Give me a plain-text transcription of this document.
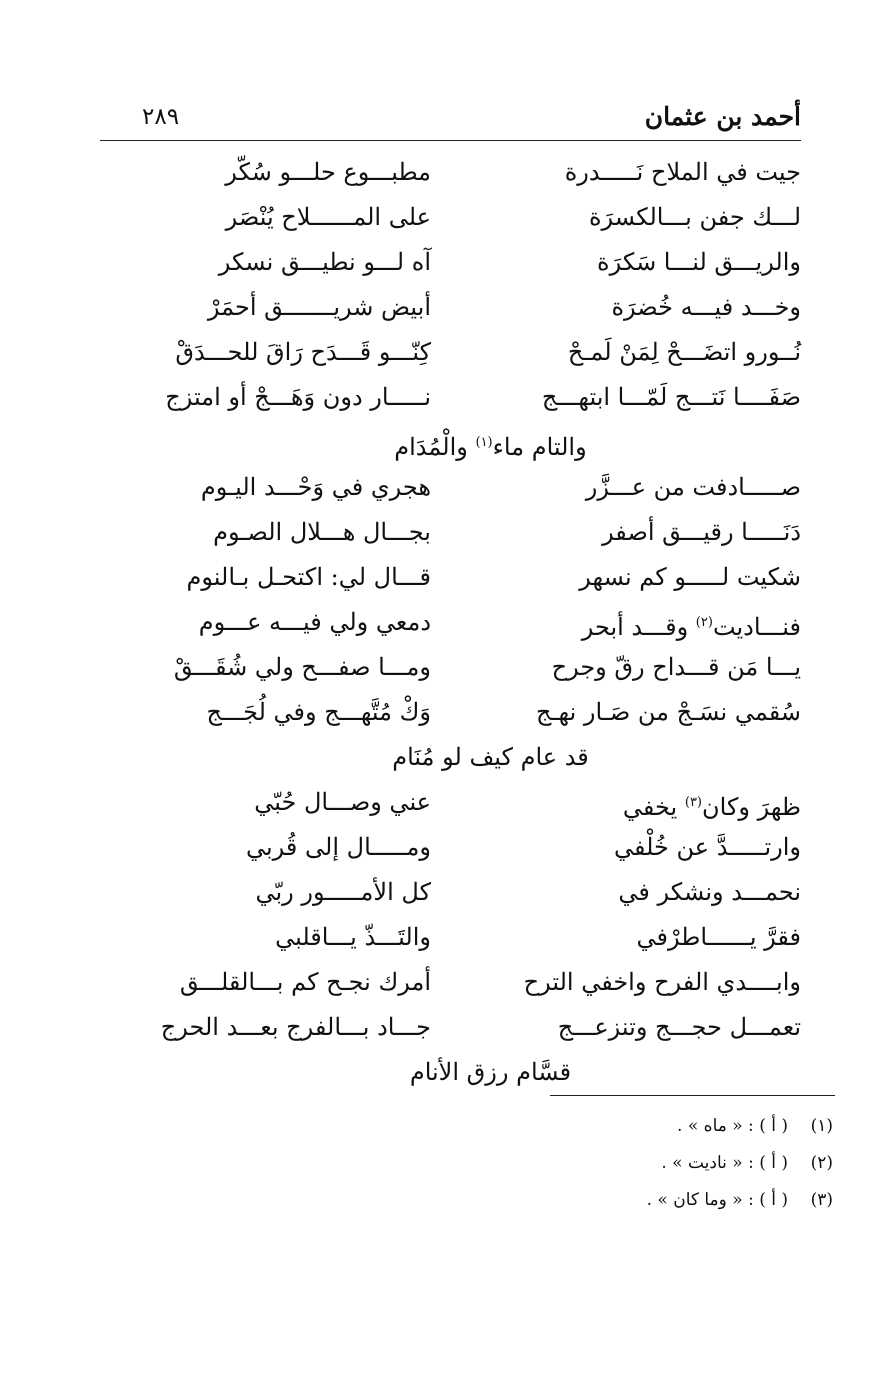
أحمد بن عثمان
٢٨٩
جيت في الملاح نَـــــدرة
مطبـــوع حلـــو سُكّر
لـــك جفن بـــالكسرَة
على المــــــلاح يُنْصَر
والريـــق لنـــا سَكرَة
آه لـــو نطيـــق نسكر
وخـــد فيـــه خُضرَة
أبيض شريـــــــق أحمَرْ
نُــورو اتضَـــحْ لِمَنْ لَمـحْ
كِنّـــو قَـــدَح رَاقَ للحـــدَقْ
صَفَــــا نَتـــج لَمّـــا ابتهـــج
نـــــار دون وَهَـــجْ أو امتزج
والتام ماء$^{(١)}$ والْمُدَام
صـــــادفت من عـــزَّر
هجري في وَحْـــد اليـوم
دَنَـــــا رقيـــق أصفر
بجـــال هـــلال الصـوم
شكيت لـــــو كم نسهر
قـــال لي: اكتحـل بـالنوم
فنـــاديت$^{(٢)}$ وقـــد أبحر
دمعي ولي فيـــه عـــوم
يـــا مَن قـــداح رقّ وجرح
ومـــا صفـــح ولي شُقَـــقْ
سُقمي نسَـجْ من صَـار نهـج
وَكْ مُتَّهـــج وفي لُجَـــج
قد عام كيف لو مُنَام
ظهرَ وكان$^{(٣)}$ يخفي
عني وصـــال حُبّي
وارتـــــدَّ عن خُلْفي
ومـــــال إلى قُربي
نحمـــد ونشكر في
كل الأمـــــور ربّي
فقرَّ يــــــاطرْفي
والتَـــذّ يـــاقلبي
وابــــدي الفرح واخفي الترح
أمرك نجـح كم بـــالقلـــق
تعمـــل حجـــج وتنزعـــج
جـــاد بـــالفرج بعـــد الحرج
قسَّام رزق الأنام
(١)( أ ) : « ماه » .
(٢)( أ ) : « ناديت » .
(٣)( أ ) : « وما كان » .
